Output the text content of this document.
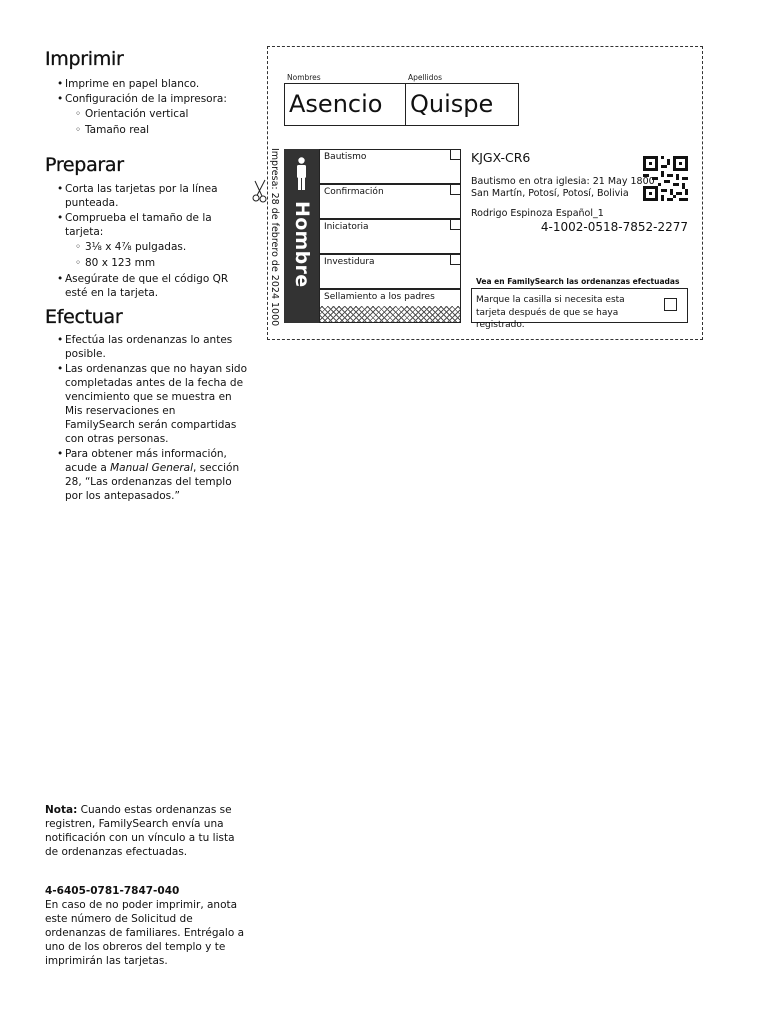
Imprimir
• Imprime en papel blanco.
• Configuración de la impresora:
◦ Orientación vertical
◦ Tamaño real
Preparar
• Corta las tarjetas por la línea punteada.
• Comprueba el tamaño de la tarjeta:
◦ 3⅛ x 4⅞ pulgadas.
◦ 80 x 123 mm
• Asegúrate de que el código QR esté en la tarjeta.
Efectuar
• Efectúa las ordenanzas lo antes posible.
• Las ordenanzas que no hayan sido completadas antes de la fecha de vencimiento que se muestra en Mis reservaciones en FamilySearch serán compartidas con otras personas.
• Para obtener más información, acude a Manual General, sección 28, “Las ordenanzas del templo por los antepasados.”
Nota: Cuando estas ordenanzas se registren, FamilySearch envía una notificación con un vínculo a tu lista de ordenanzas efectuadas.
4-6405-0781-7847-040
En caso de no poder imprimir, anota este número de Solicitud de ordenanzas de familiares. Entrégalo a uno de los obreros del templo y te imprimirán las tarjetas.
Nombres	Apellidos
Asencio	Quispe
Impresa: 28 de febrero de 2024 1000 Hombre
Bautismo
Confirmación
Iniciatoria
Investidura
Sellamiento a los padres
KJGX-CR6
Bautismo en otra iglesia: 21 May 1800
San Martín, Potosí, Potosí, Bolivia
Rodrigo Espinoza Español_1
4-1002-0518-7852-2277
Vea en FamilySearch las ordenanzas efectuadas
Marque la casilla si necesita esta tarjeta después de que se haya registrado.
